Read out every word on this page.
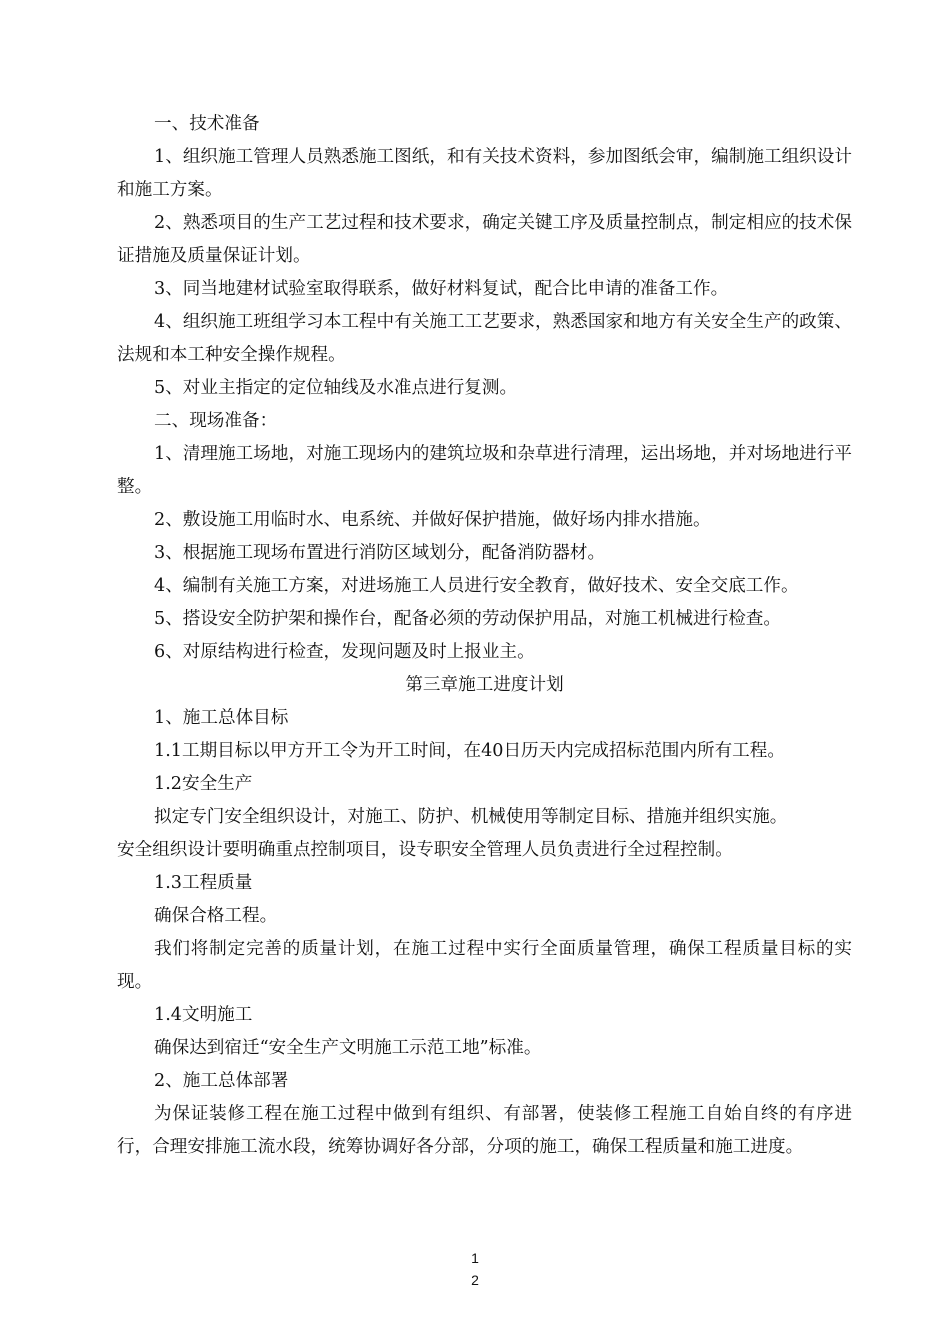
一、技术准备

1、组织施工管理人员熟悉施工图纸，和有关技术资料，参加图纸会审，编制施工组织设计和施工方案。

2、熟悉项目的生产工艺过程和技术要求，确定关键工序及质量控制点，制定相应的技术保证措施及质量保证计划。

3、同当地建材试验室取得联系，做好材料复试，配合比申请的准备工作。

4、组织施工班组学习本工程中有关施工工艺要求，熟悉国家和地方有关安全生产的政策、法规和本工种安全操作规程。

5、对业主指定的定位轴线及水准点进行复测。

二、现场准备：

1、清理施工场地，对施工现场内的建筑垃圾和杂草进行清理，运出场地，并对场地进行平整。

2、敷设施工用临时水、电系统、并做好保护措施，做好场内排水措施。

3、根据施工现场布置进行消防区域划分，配备消防器材。

4、编制有关施工方案，对进场施工人员进行安全教育，做好技术、安全交底工作。

5、搭设安全防护架和操作台，配备必须的劳动保护用品，对施工机械进行检查。

6、对原结构进行检查，发现问题及时上报业主。

第三章施工进度计划

1、施工总体目标

1.1工期目标以甲方开工令为开工时间，在40日历天内完成招标范围内所有工程。

1.2安全生产

拟定专门安全组织设计，对施工、防护、机械使用等制定目标、措施并组织实施。

安全组织设计要明确重点控制项目，设专职安全管理人员负责进行全过程控制。

1.3工程质量

确保合格工程。

我们将制定完善的质量计划，在施工过程中实行全面质量管理，确保工程质量目标的实现。

1.4文明施工

确保达到宿迁“安全生产文明施工示范工地”标准。

2、施工总体部署

为保证装修工程在施工过程中做到有组织、有部署，使装修工程施工自始自终的有序进行，合理安排施工流水段，统筹协调好各分部，分项的施工，确保工程质量和施工进度。

1
2
